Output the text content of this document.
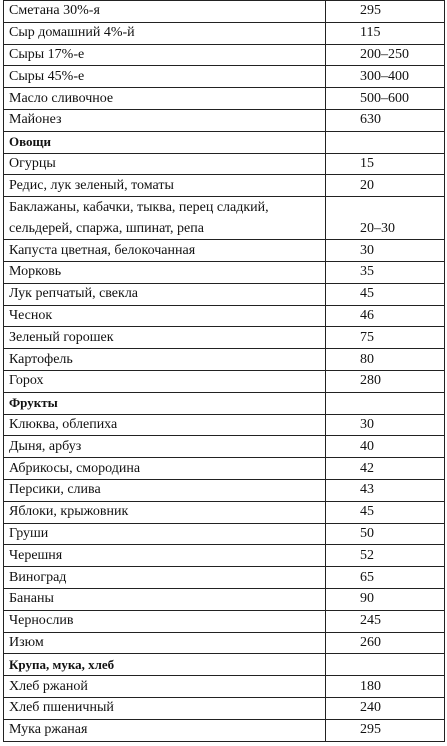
Сметана 30%-я	295
Сыр домашний 4%-й	115
Сыры 17%-е	200–250
Сыры 45%-е	300–400
Масло сливочное	500–600
Майонез	630
Овощи	
Огурцы	15
Редис, лук зеленый, томаты	20
Баклажаны, кабачки, тыква, перец сладкий, сельдерей, спаржа, шпинат, репа	20–30
Капуста цветная, белокочанная	30
Морковь	35
Лук репчатый, свекла	45
Чеснок	46
Зеленый горошек	75
Картофель	80
Горох	280
Фрукты	
Клюква, облепиха	30
Дыня, арбуз	40
Абрикосы, смородина	42
Персики, слива	43
Яблоки, крыжовник	45
Груши	50
Черешня	52
Виноград	65
Бананы	90
Чернослив	245
Изюм	260
Крупа, мука, хлеб	
Хлеб ржаной	180
Хлеб пшеничный	240
Мука ржаная	295
